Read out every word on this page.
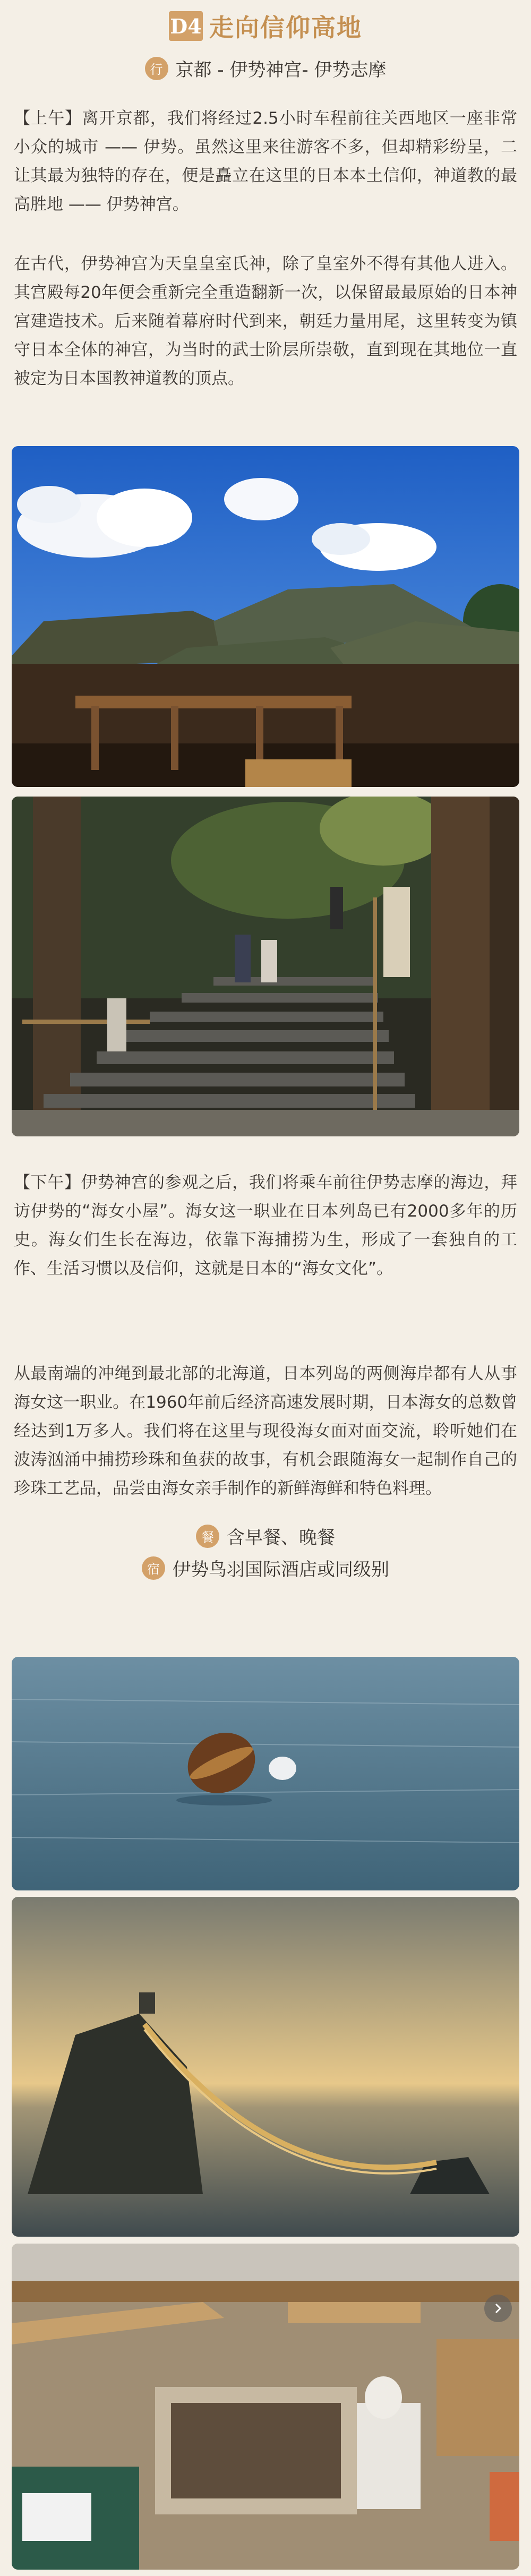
D4 走向信仰高地
行 京都 - 伊势神宫- 伊势志摩

【上午】离开京都，我们将经过2.5小时车程前往关西地区一座非常小众的城市 —— 伊势。虽然这里来往游客不多，但却精彩纷呈，二让其最为独特的存在，便是矗立在这里的日本本土信仰，神道教的最高胜地 —— 伊势神宫。

在古代，伊势神宫为天皇皇室氏神，除了皇室外不得有其他人进入。其宫殿每20年便会重新完全重造翻新一次，以保留最最原始的日本神宫建造技术。后来随着幕府时代到来，朝廷力量用尾，这里转变为镇守日本全体的神宫，为当时的武士阶层所崇敬，直到现在其地位一直被定为日本国教神道教的顶点。

【下午】伊势神宫的参观之后，我们将乘车前往伊势志摩的海边，拜访伊势的“海女小屋”。海女这一职业在日本列岛已有2000多年的历史。海女们生长在海边，依靠下海捕捞为生，形成了一套独自的工作、生活习惯以及信仰，这就是日本的“海女文化”。

从最南端的冲绳到最北部的北海道，日本列岛的两侧海岸都有人从事海女这一职业。在1960年前后经济高速发展时期，日本海女的总数曾经达到1万多人。我们将在这里与现役海女面对面交流，聆听她们在波涛汹涌中捕捞珍珠和鱼获的故事，有机会跟随海女一起制作自己的珍珠工艺品，品尝由海女亲手制作的新鲜海鲜和特色料理。

餐 含早餐、晚餐
宿 伊势鸟羽国际酒店或同级别
